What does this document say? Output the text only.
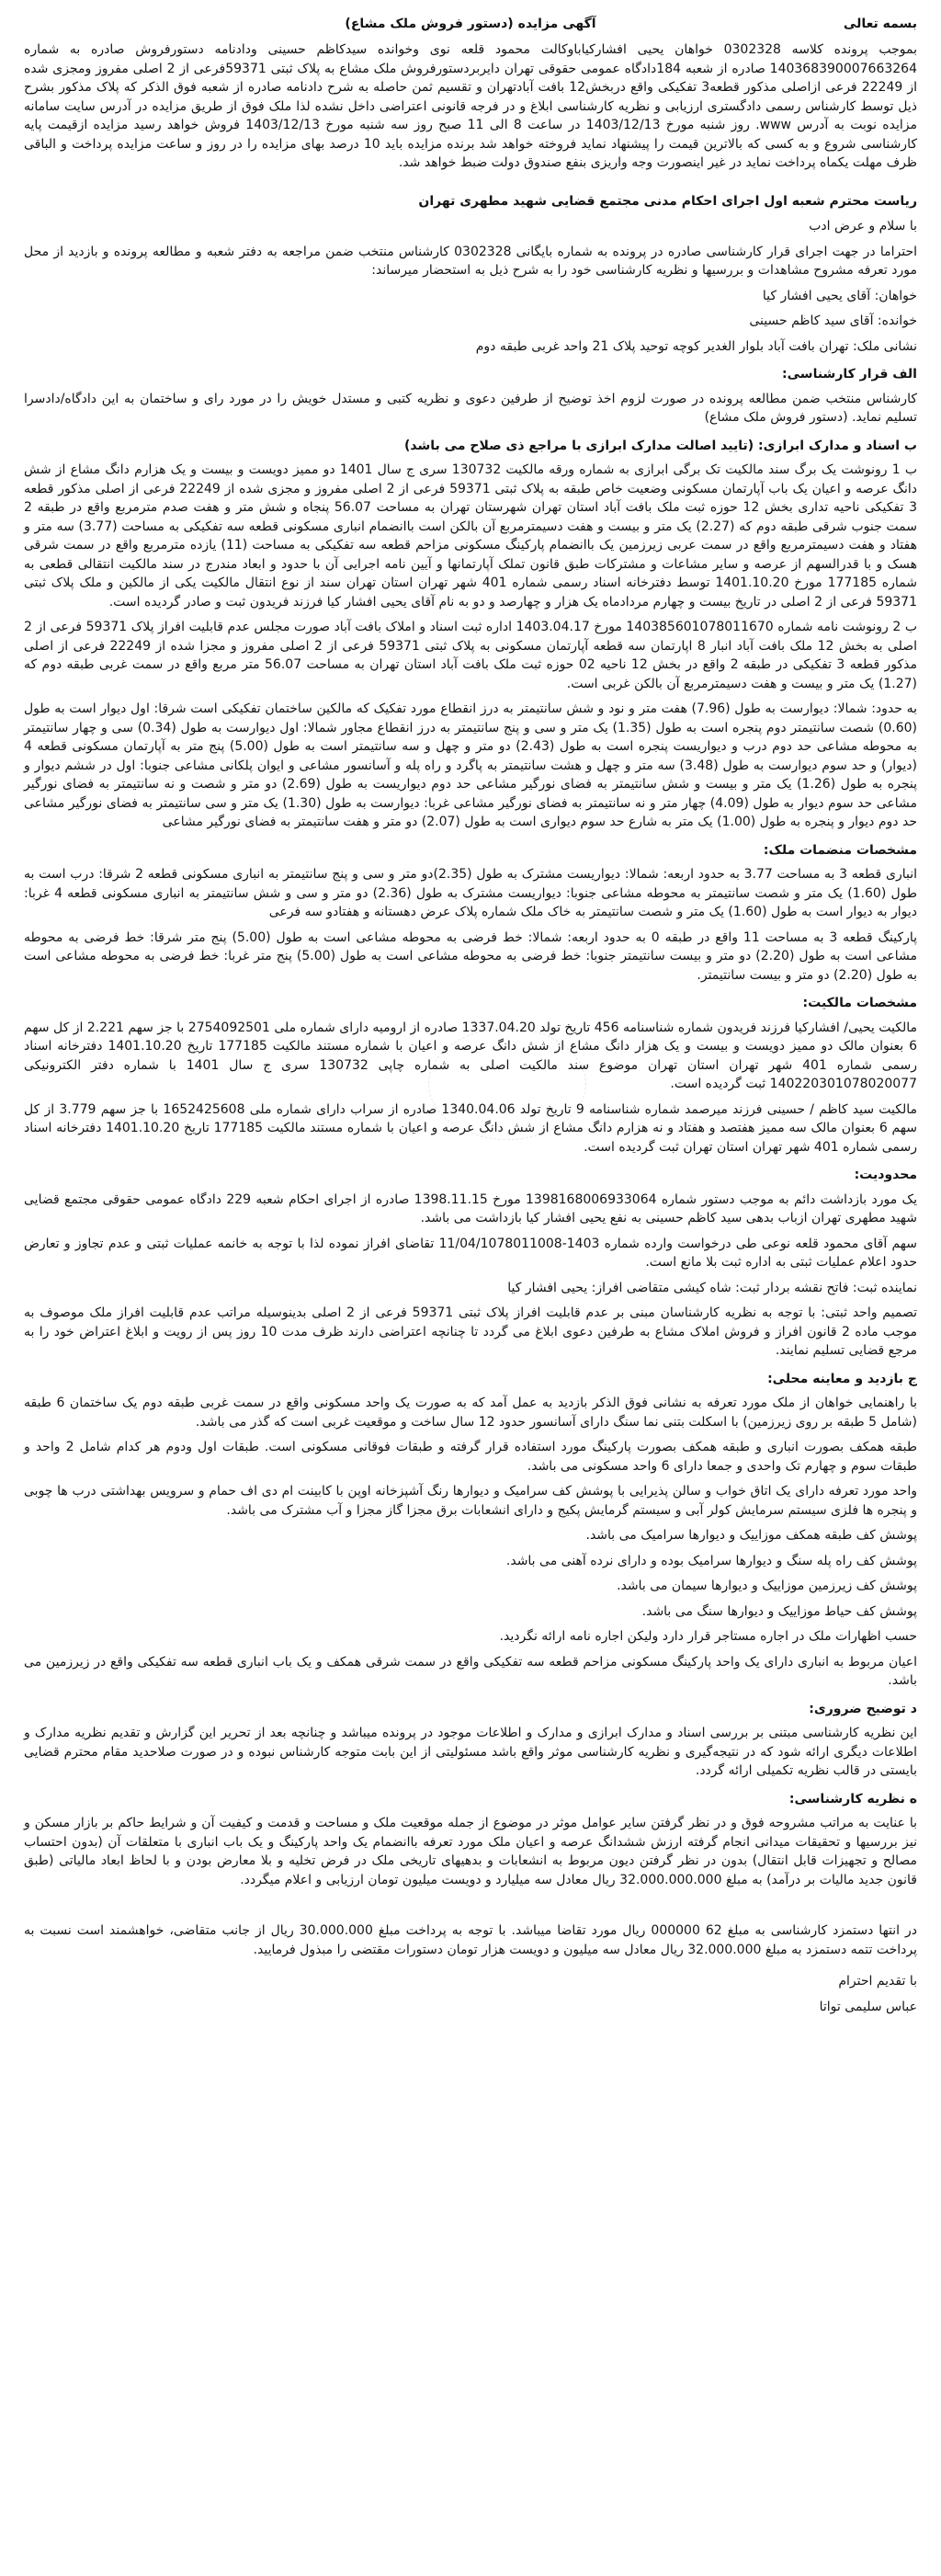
بسمه تعالی
آگهی مزایده (دستور فروش ملک مشاع)

بموجب پرونده کلاسه 0302328 خواهان یحیی افشارکیاباوکالت محمود قلعه نوی وخوانده سیدکاظم حسینی ودادنامه دستورفروش صادره به شماره 140368390007663264 صادره از شعبه 184دادگاه عمومی حقوقی تهران دایربردستورفروش ملک مشاع به پلاک ثبتی 59371فرعی از 2 اصلی مفروز ومجزی شده از 22249 فرعی ازاصلی مذکور قطعه3 تفکیکی واقع دربخش12 بافت آبادتهران و تقسیم ثمن حاصله به شرح دادنامه صادره از شعبه فوق الذکر که پلاک مذکور بشرح ذیل توسط کارشناس رسمی دادگستری ارزیابی و نظریه کارشناسی ابلاغ و در فرجه قانونی اعتراضی داخل نشده لذا ملک فوق از طریق مزایده در آدرس سایت سامانه مزایده نوبت به آدرس www. روز شنبه مورخ 1403/12/13 در ساعت 8 الی 11 صبح روز سه شنبه مورخ 1403/12/13 فروش خواهد رسید مزایده ازقیمت پایه کارشناسی شروع و به کسی که بالاترین قیمت را پیشنهاد نماید فروخته خواهد شد برنده مزایده باید 10 درصد بهای مزایده را در روز و ساعت مزایده پرداخت و الباقی ظرف مهلت یکماه پرداخت نماید در غیر اینصورت وجه واریزی بنفع صندوق دولت ضبط خواهد شد.

ریاست محترم شعبه اول اجرای احکام مدنی مجتمع قضایی شهید مطهری تهران

با سلام و عرض ادب

احتراما در جهت اجرای قرار کارشناسی صادره در پرونده به شماره بایگانی 0302328 کارشناس منتخب ضمن مراجعه به دفتر شعبه و مطالعه پرونده و بازدید از محل مورد تعرفه مشروح مشاهدات و بررسیها و نظریه کارشناسی خود را به شرح ذیل به استحضار میرساند:

خواهان: آقای یحیی افشار کیا

خوانده: آقای سید کاظم حسینی

نشانی ملک: تهران بافت آباد بلوار الغدیر کوچه توحید پلاک 21 واحد غربی طبقه دوم

الف قرار کارشناسی:

کارشناس منتخب ضمن مطالعه پرونده در صورت لزوم اخذ توضیح از طرفین دعوی و نظریه کتبی و مستدل خویش را در مورد رای و ساختمان به این دادگاه/دادسرا تسلیم نماید. (دستور فروش ملک مشاع)

ب اسناد و مدارک ابرازی: (تایید اصالت مدارک ابرازی با مراجع ذی صلاح می باشد)

ب 1 رونوشت یک برگ سند مالکیت تک برگی ابرازی به شماره ورقه مالکیت 130732 سری ج سال 1401 دو ممیز دویست و بیست و یک هزارم دانگ مشاع از شش دانگ عرصه و اعیان یک باب آپارتمان مسکونی وضعیت خاص طبقه به پلاک ثبتی 59371 فرعی از 2 اصلی مفروز و مجزی شده از 22249 فرعی از اصلی مذکور قطعه 3 تفکیکی ناحیه تداری بخش 12 حوزه ثبت ملک بافت آباد استان تهران شهرستان تهران به مساحت 56.07 پنجاه و شش متر و هفت صدم مترمربع واقع در طبقه 2 سمت جنوب شرقی طبقه دوم که (2.27) یک متر و بیست و هفت دسیمترمربع آن بالکن است باانضمام انباری مسکونی قطعه سه تفکیکی به مساحت (3.77) سه متر و هفتاد و هفت دسیمترمربع واقع در سمت عربی زیرزمین یک باانضمام پارکینگ مسکونی مزاحم قطعه سه تفکیکی به مساحت (11) یازده مترمربع واقع در سمت شرقی هسک و با قدرالسهم از عرصه و سایر مشاعات و مشترکات طبق قانون تملک آپارتمانها و آیین نامه اجرایی آن با حدود و ابعاد مندرج در سند مالکیت انتقالی قطعی به شماره 177185 مورخ 1401.10.20 توسط دفترخانه اسناد رسمی شماره 401 شهر تهران استان تهران سند از نوع انتقال مالکیت یکی از مالکین و ملک پلاک ثبتی 59371 فرعی از 2 اصلی در تاریخ بیست و چهارم مردادماه یک هزار و چهارصد و دو به نام آقای یحیی افشار کیا فرزند فریدون ثبت و صادر گردیده است.

ب 2 رونوشت نامه شماره 140385601078011670 مورخ 1403.04.17 اداره ثبت اسناد و املاک بافت آباد صورت مجلس عدم قابلیت افراز پلاک 59371 فرعی از 2 اصلی به بخش 12 ملک بافت آباد انبار 8 اپارتمان سه قطعه آپارتمان مسکونی به پلاک ثبتی 59371 فرعی از 2 اصلی مفروز و مجزا شده از 22249 فرعی از اصلی مذکور قطعه 3 تفکیکی در طبقه 2 واقع در بخش 12 ناحیه 02 حوزه ثبت ملک بافت آباد استان تهران به مساحت 56.07 متر مربع واقع در سمت غربی طبقه دوم که (1.27) یک متر و بیست و هفت دسیمترمربع آن بالکن غربی است.

به حدود: شمالا: دیوارست به طول (7.96) هفت متر و نود و شش سانتیمتر به درز انقطاع مورد تفکیک که مالکین ساختمان تفکیکی است شرقا: اول دیوار است به طول (0.60) شصت سانتیمتر دوم پنجره است به طول (1.35) یک متر و سی و پنج سانتیمتر به درز انقطاع مجاور شمالا: اول دیوارست به طول (0.34) سی و چهار سانتیمتر به محوطه مشاعی حد دوم درب و دیواریست پنجره است به طول (2.43) دو متر و چهل و سه سانتیمتر است به طول (5.00) پنج متر به آپارتمان مسکونی قطعه 4 (دیوار) و حد سوم دیوارست به طول (3.48) سه متر و چهل و هشت سانتیمتر به پاگرد و راه پله و آسانسور مشاعی و ایوان پلکانی مشاعی جنوبا: اول در ششم دیوار و پنجره به طول (1.26) یک متر و بیست و شش سانتیمتر به فضای نورگیر مشاعی حد دوم دیواریست به طول (2.69) دو متر و شصت و نه سانتیمتر به فضای نورگیر مشاعی حد سوم دیوار به طول (4.09) چهار متر و نه سانتیمتر به فضای نورگیر مشاعی غربا: دیوارست به طول (1.30) یک متر و سی سانتیمتر به فضای نورگیر مشاعی حد دوم دیوار و پنجره به طول (1.00) یک متر به شارع حد سوم دیواری است به طول (2.07) دو متر و هفت سانتیمتر به فضای نورگیر مشاعی

مشخصات منضمات ملک:

انباری قطعه 3 به مساحت 3.77 به حدود اربعه: شمالا: دیواریست مشترک به طول (2.35)دو متر و سی و پنج سانتیمتر به انباری مسکونی قطعه 2 شرقا: درب است به طول (1.60) یک متر و شصت سانتیمتر به محوطه مشاعی جنوبا: دیواریست مشترک به طول (2.36) دو متر و سی و شش سانتیمتر به انباری مسکونی قطعه 4 غربا: دیوار به دیوار است به طول (1.60) یک متر و شصت سانتیمتر به خاک ملک شماره پلاک عرض دهستانه و هفتادو سه فرعی

پارکینگ قطعه 3 به مساحت 11 واقع در طبقه 0 به حدود اربعه: شمالا: خط فرضی به محوطه مشاعی است به طول (5.00) پنج متر شرقا: خط فرضی به محوطه مشاعی است به طول (2.20) دو متر و بیست سانتیمتر جنوبا: خط فرضی به محوطه مشاعی است به طول (5.00) پنج متر غربا: خط فرضی به محوطه مشاعی است به طول (2.20) دو متر و بیست سانتیمتر.

مشخصات مالکیت:

مالکیت یحیی/ افشارکیا فرزند فریدون شماره شناسنامه 456 تاریخ تولد 1337.04.20 صادره از ارومیه دارای شماره ملی 2754092501 با جز سهم 2.221 از کل سهم 6 بعنوان مالک دو ممیز دویست و بیست و یک هزار دانگ مشاع از شش دانگ عرصه و اعیان با شماره مستند مالکیت 177185 تاریخ 1401.10.20 دفترخانه اسناد رسمی شماره 401 شهر تهران استان تهران موضوع سند مالکیت اصلی به شماره چاپی 130732 سری ج سال 1401 با شماره دفتر الکترونیکی 140220301078020077 ثبت گردیده است.

مالکیت سید کاظم / حسینی فرزند میرصمد شماره شناسنامه 9 تاریخ تولد 1340.04.06 صادره از سراب دارای شماره ملی 1652425608 با جز سهم 3.779 از کل سهم 6 بعنوان مالک سه ممیز هفتصد و هفتاد و نه هزارم دانگ مشاع از شش دانگ عرصه و اعیان با شماره مستند مالکیت 177185 تاریخ 1401.10.20 دفترخانه اسناد رسمی شماره 401 شهر تهران استان تهران ثبت گردیده است.

محدودیت:

یک مورد بازداشت دائم به موجب دستور شماره 1398168006933064 مورخ 1398.11.15 صادره از اجرای احکام شعبه 229 دادگاه عمومی حقوقی مجتمع قضایی شهید مطهری تهران ازباب بدهی سید کاظم حسینی به نفع یحیی افشار کیا بازداشت می باشد.

سهم آقای محمود قلعه نوعی طی درخواست وارده شماره 1403-11/04/1078011008 تقاضای افراز نموده لذا با توجه به خانمه عملیات ثبتی و عدم تجاوز و تعارض حدود اعلام عملیات ثبتی به اداره ثبت بلا مانع است.

نماینده ثبت: فاتح نقشه بردار ثبت: شاه کیشی متقاضی افراز: یحیی افشار کیا

تصمیم واحد ثبتی: با توجه به نظریه کارشناسان مبنی بر عدم قابلیت افراز پلاک ثبتی 59371 فرعی از 2 اصلی بدینوسیله مراتب عدم قابلیت افراز ملک موصوف به موجب ماده 2 قانون افراز و فروش املاک مشاع به طرفین دعوی ابلاغ می گردد تا چنانچه اعتراضی دارند ظرف مدت 10 روز پس از رویت و ابلاغ اعتراض خود را به مرجع قضایی تسلیم نمایند.

ج بازدید و معاینه محلی:

با راهنمایی خواهان از ملک مورد تعرفه به نشانی فوق الذکر بازدید به عمل آمد که به صورت یک واحد مسکونی واقع در سمت غربی طبقه دوم یک ساختمان 6 طبقه (شامل 5 طبقه بر روی زیرزمین) با اسکلت بتنی نما سنگ دارای آسانسور حدود 12 سال ساخت و موقعیت غربی است که گذر می باشد.

طبقه همکف بصورت انباری و طبقه همکف بصورت پارکینگ مورد استفاده قرار گرفته و طبقات فوقانی مسکونی است. طبقات اول ودوم هر کدام شامل 2 واحد و طبقات سوم و چهارم تک واحدی و جمعا دارای 6 واحد مسکونی می باشد.

واحد مورد تعرفه دارای یک اتاق خواب و سالن پذیرایی با پوشش کف سرامیک و دیوارها رنگ آشپزخانه اوپن با کابینت ام دی اف حمام و سرویس بهداشتی درب ها چوبی و پنجره ها فلزی سیستم سرمایش کولر آبی و سیستم گرمایش پکیج و دارای انشعابات برق مجزا گاز مجزا و آب مشترک می باشد.

پوشش کف طبقه همکف موزاییک و دیوارها سرامیک می باشد.

پوشش کف راه پله سنگ و دیوارها سرامیک بوده و دارای نرده آهنی می باشد.

پوشش کف زیرزمین موزاییک و دیوارها سیمان می باشد.

پوشش کف حیاط موزاییک و دیوارها سنگ می باشد.

حسب اظهارات ملک در اجاره مستاجر قرار دارد ولیکن اجاره نامه ارائه نگردید.

اعیان مربوط به انباری دارای یک واحد پارکینگ مسکونی مزاحم قطعه سه تفکیکی واقع در سمت شرقی همکف و یک باب انباری قطعه سه تفکیکی واقع در زیرزمین می باشد.

د توضیح ضروری:

این نظریه کارشناسی مبتنی بر بررسی اسناد و مدارک ابرازی و مدارک و اطلاعات موجود در پرونده میباشد و چنانچه بعد از تحریر این گزارش و تقدیم نظریه مدارک و اطلاعات دیگری ارائه شود که در نتیجه‌گیری و نظریه کارشناسی موثر واقع باشد مسئولیتی از این بابت متوجه کارشناس نبوده و در صورت صلاحدید مقام محترم قضایی بایستی در قالب نظریه تکمیلی ارائه گردد.

ه نظریه کارشناسی:

با عنایت به مراتب مشروحه فوق و در نظر گرفتن سایر عوامل موثر در موضوع از جمله موقعیت ملک و مساحت و قدمت و کیفیت آن و شرایط حاکم بر بازار مسکن و نیز بررسیها و تحقیقات میدانی انجام گرفته ارزش ششدانگ عرصه و اعیان ملک مورد تعرفه باانضمام یک واحد پارکینگ و یک باب انباری با متعلقات آن (بدون احتساب مصالح و تجهیزات قابل انتقال) بدون در نظر گرفتن دیون مربوط به انشعابات و بدهیهای تاریخی ملک در فرض تخلیه و بلا معارض بودن و با لحاظ ابعاد مالیاتی (طبق قانون جدید مالیات بر درآمد) به مبلغ 32.000.000.000 ریال معادل سه میلیارد و دویست میلیون تومان ارزیابی و اعلام میگردد.

در انتها دستمزد کارشناسی به مبلغ 62 000000 ریال مورد تقاضا میباشد. با توجه به پرداخت مبلغ 30.000.000 ریال از جانب متقاضی، خواهشمند است نسبت به پرداخت تتمه دستمزد به مبلغ 32.000.000 ریال معادل سه میلیون و دویست هزار تومان دستورات مقتضی را مبذول فرمایید.

با تقدیم احترام

عباس سلیمی تواتا
